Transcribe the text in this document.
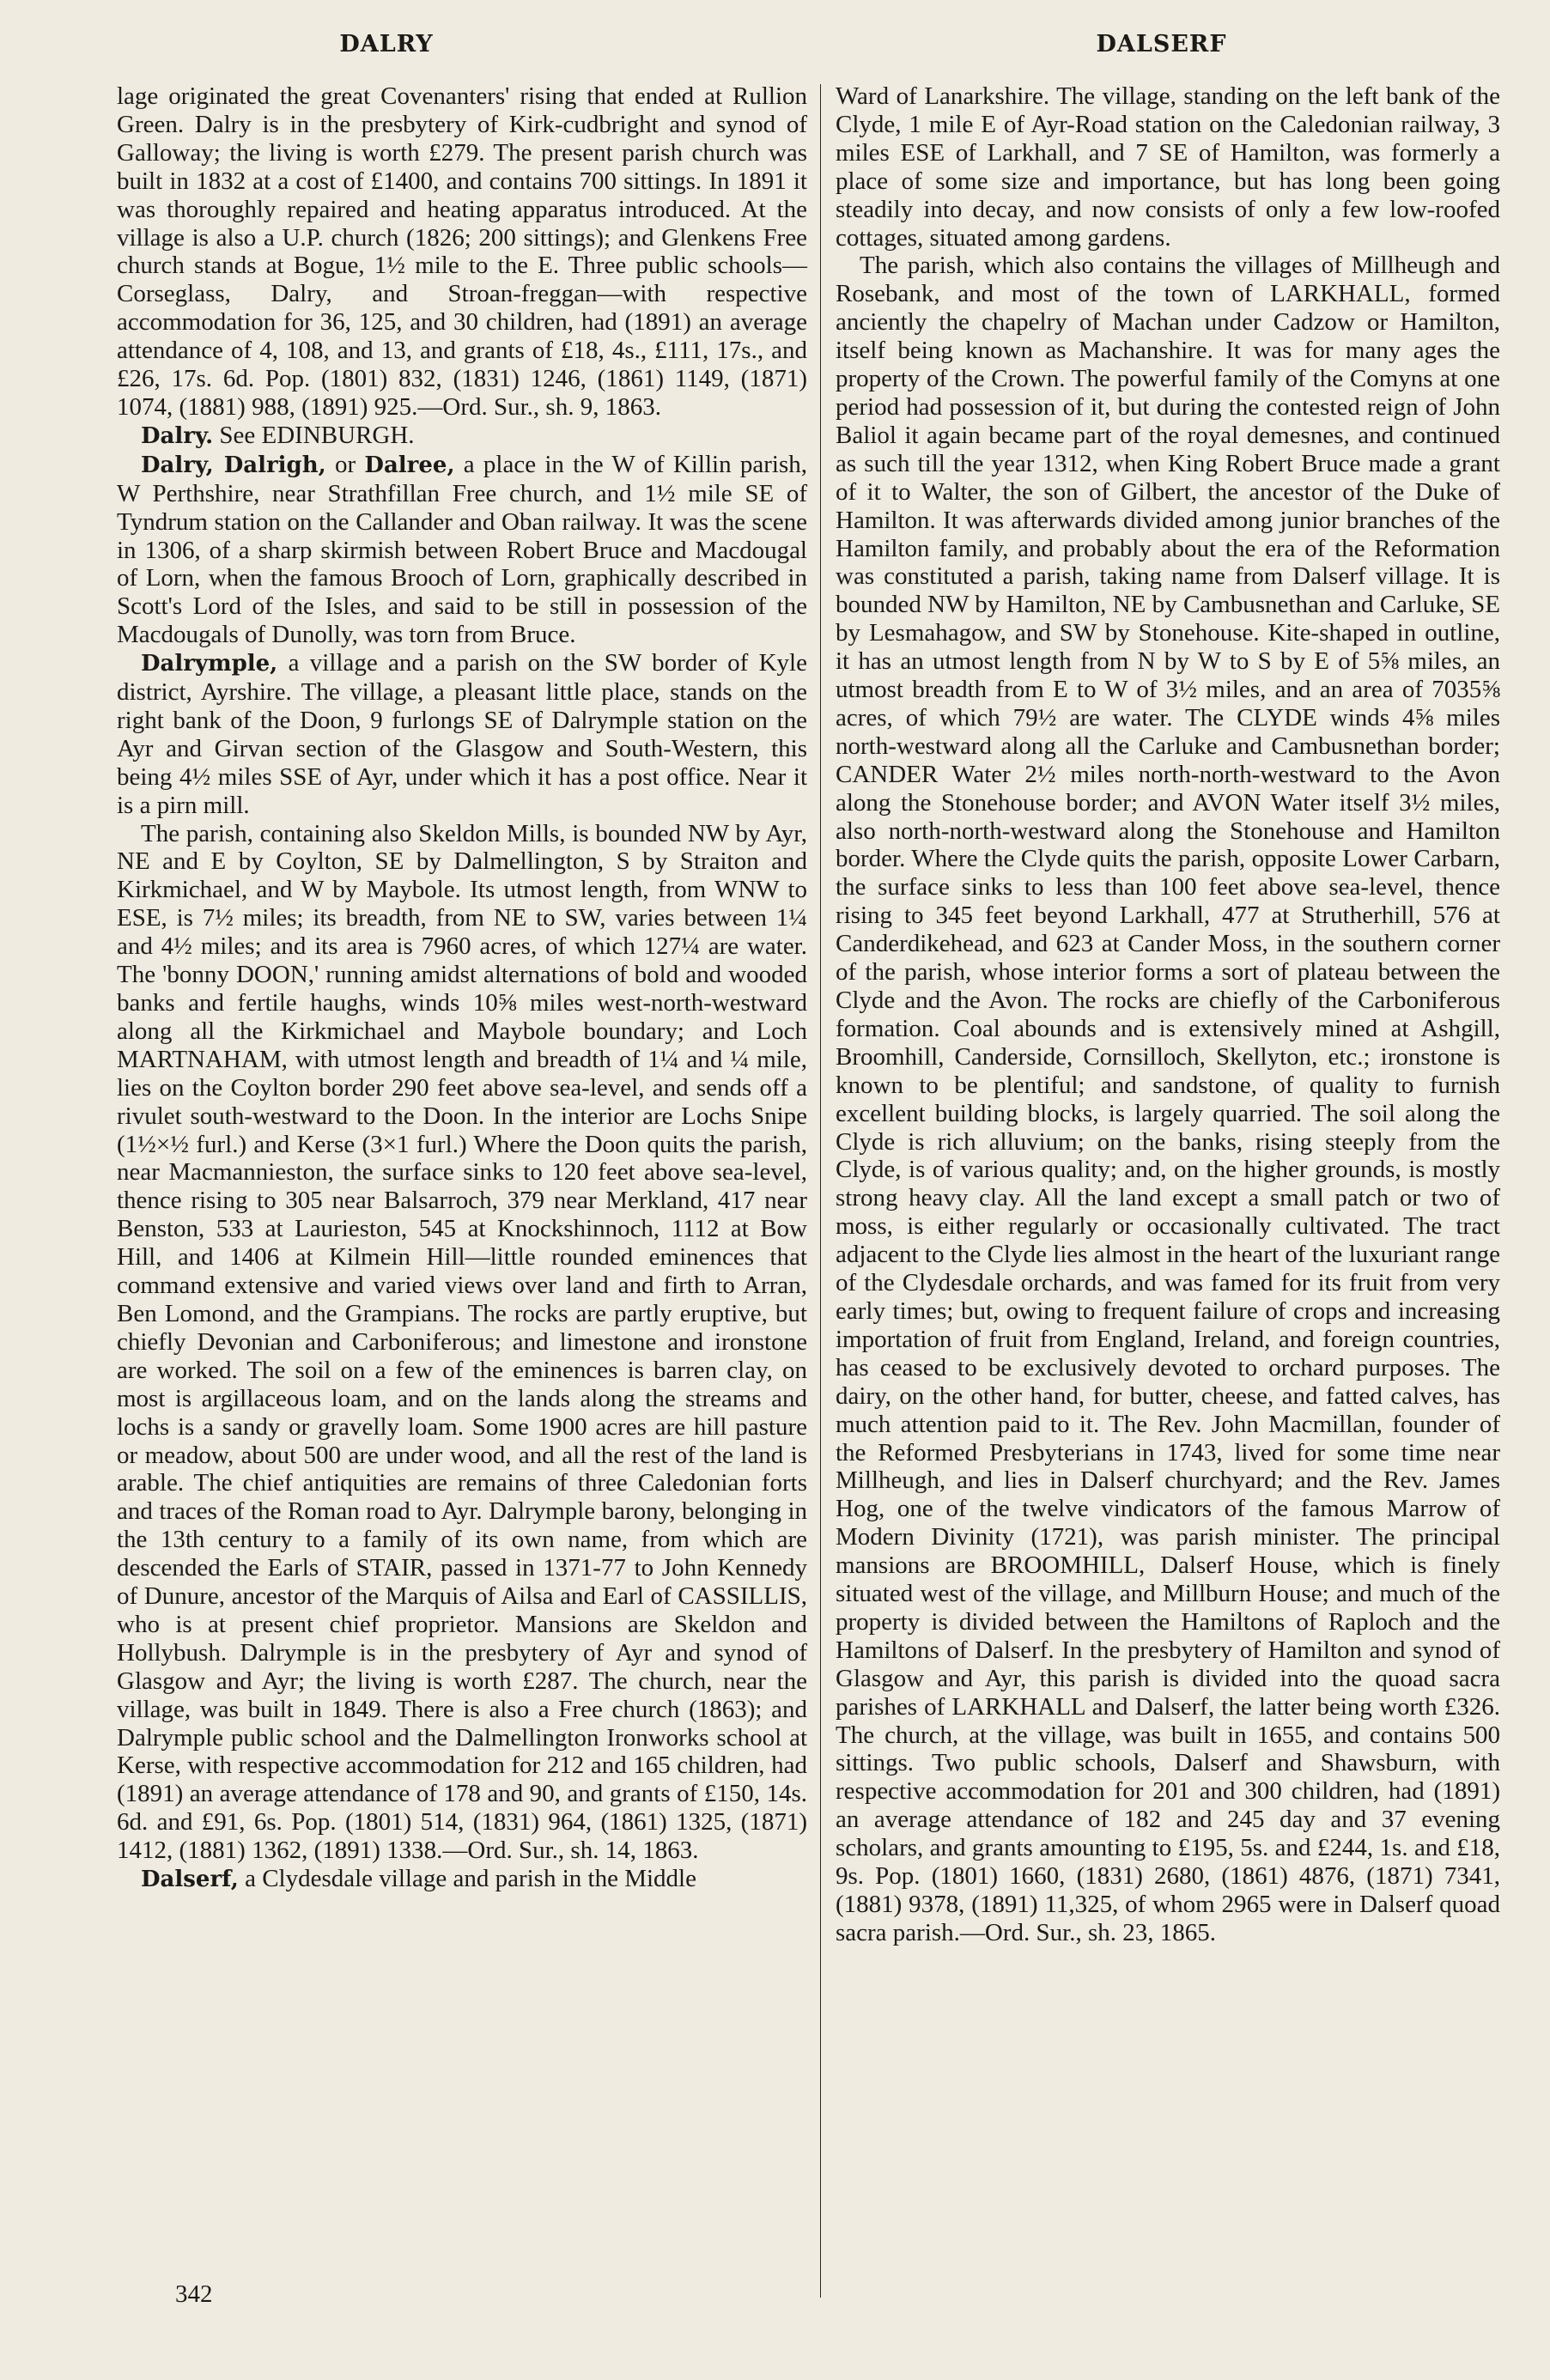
DALRY	DALSERF

lage originated the great Covenanters' rising that ended at Rullion Green. Dalry is in the presbytery of Kirk-cudbright and synod of Galloway; the living is worth £279. The present parish church was built in 1832 at a cost of £1400, and contains 700 sittings. In 1891 it was thoroughly repaired and heating apparatus introduced. At the village is also a U.P. church (1826; 200 sittings); and Glenkens Free church stands at Bogue, 1½ mile to the E. Three public schools—Corseglass, Dalry, and Stroan-freggan—with respective accommodation for 36, 125, and 30 children, had (1891) an average attendance of 4, 108, and 13, and grants of £18, 4s., £111, 17s., and £26, 17s. 6d. Pop. (1801) 832, (1831) 1246, (1861) 1149, (1871) 1074, (1881) 988, (1891) 925.—Ord. Sur., sh. 9, 1863.

Dalry. See EDINBURGH.

Dalry, Dalrigh, or Dalree, a place in the W of Killin parish, W Perthshire, near Strathfillan Free church, and 1½ mile SE of Tyndrum station on the Callander and Oban railway. It was the scene in 1306, of a sharp skirmish between Robert Bruce and Macdougal of Lorn, when the famous Brooch of Lorn, graphically described in Scott's Lord of the Isles, and said to be still in possession of the Macdougals of Dunolly, was torn from Bruce.

Dalrymple, a village and a parish on the SW border of Kyle district, Ayrshire. The village, a pleasant little place, stands on the right bank of the Doon, 9 furlongs SE of Dalrymple station on the Ayr and Girvan section of the Glasgow and South-Western, this being 4½ miles SSE of Ayr, under which it has a post office. Near it is a pirn mill.

The parish, containing also Skeldon Mills, is bounded NW by Ayr, NE and E by Coylton, SE by Dalmellington, S by Straiton and Kirkmichael, and W by Maybole. Its utmost length, from WNW to ESE, is 7½ miles; its breadth, from NE to SW, varies between 1¼ and 4½ miles; and its area is 7960 acres, of which 127¼ are water. The 'bonny DOON,' running amidst alternations of bold and wooded banks and fertile haughs, winds 10⅝ miles west-north-westward along all the Kirkmichael and Maybole boundary; and Loch MARTNAHAM, with utmost length and breadth of 1¼ and ¼ mile, lies on the Coylton border 290 feet above sea-level, and sends off a rivulet south-westward to the Doon. In the interior are Lochs Snipe (1½×½ furl.) and Kerse (3×1 furl.) Where the Doon quits the parish, near Macmannieston, the surface sinks to 120 feet above sea-level, thence rising to 305 near Balsarroch, 379 near Merkland, 417 near Benston, 533 at Laurieston, 545 at Knockshinnoch, 1112 at Bow Hill, and 1406 at Kilmein Hill—little rounded eminences that command extensive and varied views over land and firth to Arran, Ben Lomond, and the Grampians. The rocks are partly eruptive, but chiefly Devonian and Carboniferous; and limestone and ironstone are worked. The soil on a few of the eminences is barren clay, on most is argillaceous loam, and on the lands along the streams and lochs is a sandy or gravelly loam. Some 1900 acres are hill pasture or meadow, about 500 are under wood, and all the rest of the land is arable. The chief antiquities are remains of three Caledonian forts and traces of the Roman road to Ayr. Dalrymple barony, belonging in the 13th century to a family of its own name, from which are descended the Earls of STAIR, passed in 1371-77 to John Kennedy of Dunure, ancestor of the Marquis of Ailsa and Earl of CASSILLIS, who is at present chief proprietor. Mansions are Skeldon and Hollybush. Dalrymple is in the presbytery of Ayr and synod of Glasgow and Ayr; the living is worth £287. The church, near the village, was built in 1849. There is also a Free church (1863); and Dalrymple public school and the Dalmellington Ironworks school at Kerse, with respective accommodation for 212 and 165 children, had (1891) an average attendance of 178 and 90, and grants of £150, 14s. 6d. and £91, 6s. Pop. (1801) 514, (1831) 964, (1861) 1325, (1871) 1412, (1881) 1362, (1891) 1338.—Ord. Sur., sh. 14, 1863.

Dalserf, a Clydesdale village and parish in the Middle

Ward of Lanarkshire. The village, standing on the left bank of the Clyde, 1 mile E of Ayr-Road station on the Caledonian railway, 3 miles ESE of Larkhall, and 7 SE of Hamilton, was formerly a place of some size and importance, but has long been going steadily into decay, and now consists of only a few low-roofed cottages, situated among gardens.

The parish, which also contains the villages of Millheugh and Rosebank, and most of the town of LARKHALL, formed anciently the chapelry of Machan under Cadzow or Hamilton, itself being known as Machanshire. It was for many ages the property of the Crown. The powerful family of the Comyns at one period had possession of it, but during the contested reign of John Baliol it again became part of the royal demesnes, and continued as such till the year 1312, when King Robert Bruce made a grant of it to Walter, the son of Gilbert, the ancestor of the Duke of Hamilton. It was afterwards divided among junior branches of the Hamilton family, and probably about the era of the Reformation was constituted a parish, taking name from Dalserf village. It is bounded NW by Hamilton, NE by Cambusnethan and Carluke, SE by Lesmahagow, and SW by Stonehouse. Kite-shaped in outline, it has an utmost length from N by W to S by E of 5⅝ miles, an utmost breadth from E to W of 3½ miles, and an area of 7035⅝ acres, of which 79½ are water. The CLYDE winds 4⅝ miles north-westward along all the Carluke and Cambusnethan border; CANDER Water 2½ miles north-north-westward to the Avon along the Stonehouse border; and AVON Water itself 3½ miles, also north-north-westward along the Stonehouse and Hamilton border. Where the Clyde quits the parish, opposite Lower Carbarn, the surface sinks to less than 100 feet above sea-level, thence rising to 345 feet beyond Larkhall, 477 at Strutherhill, 576 at Canderdikehead, and 623 at Cander Moss, in the southern corner of the parish, whose interior forms a sort of plateau between the Clyde and the Avon. The rocks are chiefly of the Carboniferous formation. Coal abounds and is extensively mined at Ashgill, Broomhill, Canderside, Cornsilloch, Skellyton, etc.; ironstone is known to be plentiful; and sandstone, of quality to furnish excellent building blocks, is largely quarried. The soil along the Clyde is rich alluvium; on the banks, rising steeply from the Clyde, is of various quality; and, on the higher grounds, is mostly strong heavy clay. All the land except a small patch or two of moss, is either regularly or occasionally cultivated. The tract adjacent to the Clyde lies almost in the heart of the luxuriant range of the Clydesdale orchards, and was famed for its fruit from very early times; but, owing to frequent failure of crops and increasing importation of fruit from England, Ireland, and foreign countries, has ceased to be exclusively devoted to orchard purposes. The dairy, on the other hand, for butter, cheese, and fatted calves, has much attention paid to it. The Rev. John Macmillan, founder of the Reformed Presbyterians in 1743, lived for some time near Millheugh, and lies in Dalserf churchyard; and the Rev. James Hog, one of the twelve vindicators of the famous Marrow of Modern Divinity (1721), was parish minister. The principal mansions are BROOMHILL, Dalserf House, which is finely situated west of the village, and Millburn House; and much of the property is divided between the Hamiltons of Raploch and the Hamiltons of Dalserf. In the presbytery of Hamilton and synod of Glasgow and Ayr, this parish is divided into the quoad sacra parishes of LARKHALL and Dalserf, the latter being worth £326. The church, at the village, was built in 1655, and contains 500 sittings. Two public schools, Dalserf and Shawsburn, with respective accommodation for 201 and 300 children, had (1891) an average attendance of 182 and 245 day and 37 evening scholars, and grants amounting to £195, 5s. and £244, 1s. and £18, 9s. Pop. (1801) 1660, (1831) 2680, (1861) 4876, (1871) 7341, (1881) 9378, (1891) 11,325, of whom 2965 were in Dalserf quoad sacra parish.—Ord. Sur., sh. 23, 1865.

342
